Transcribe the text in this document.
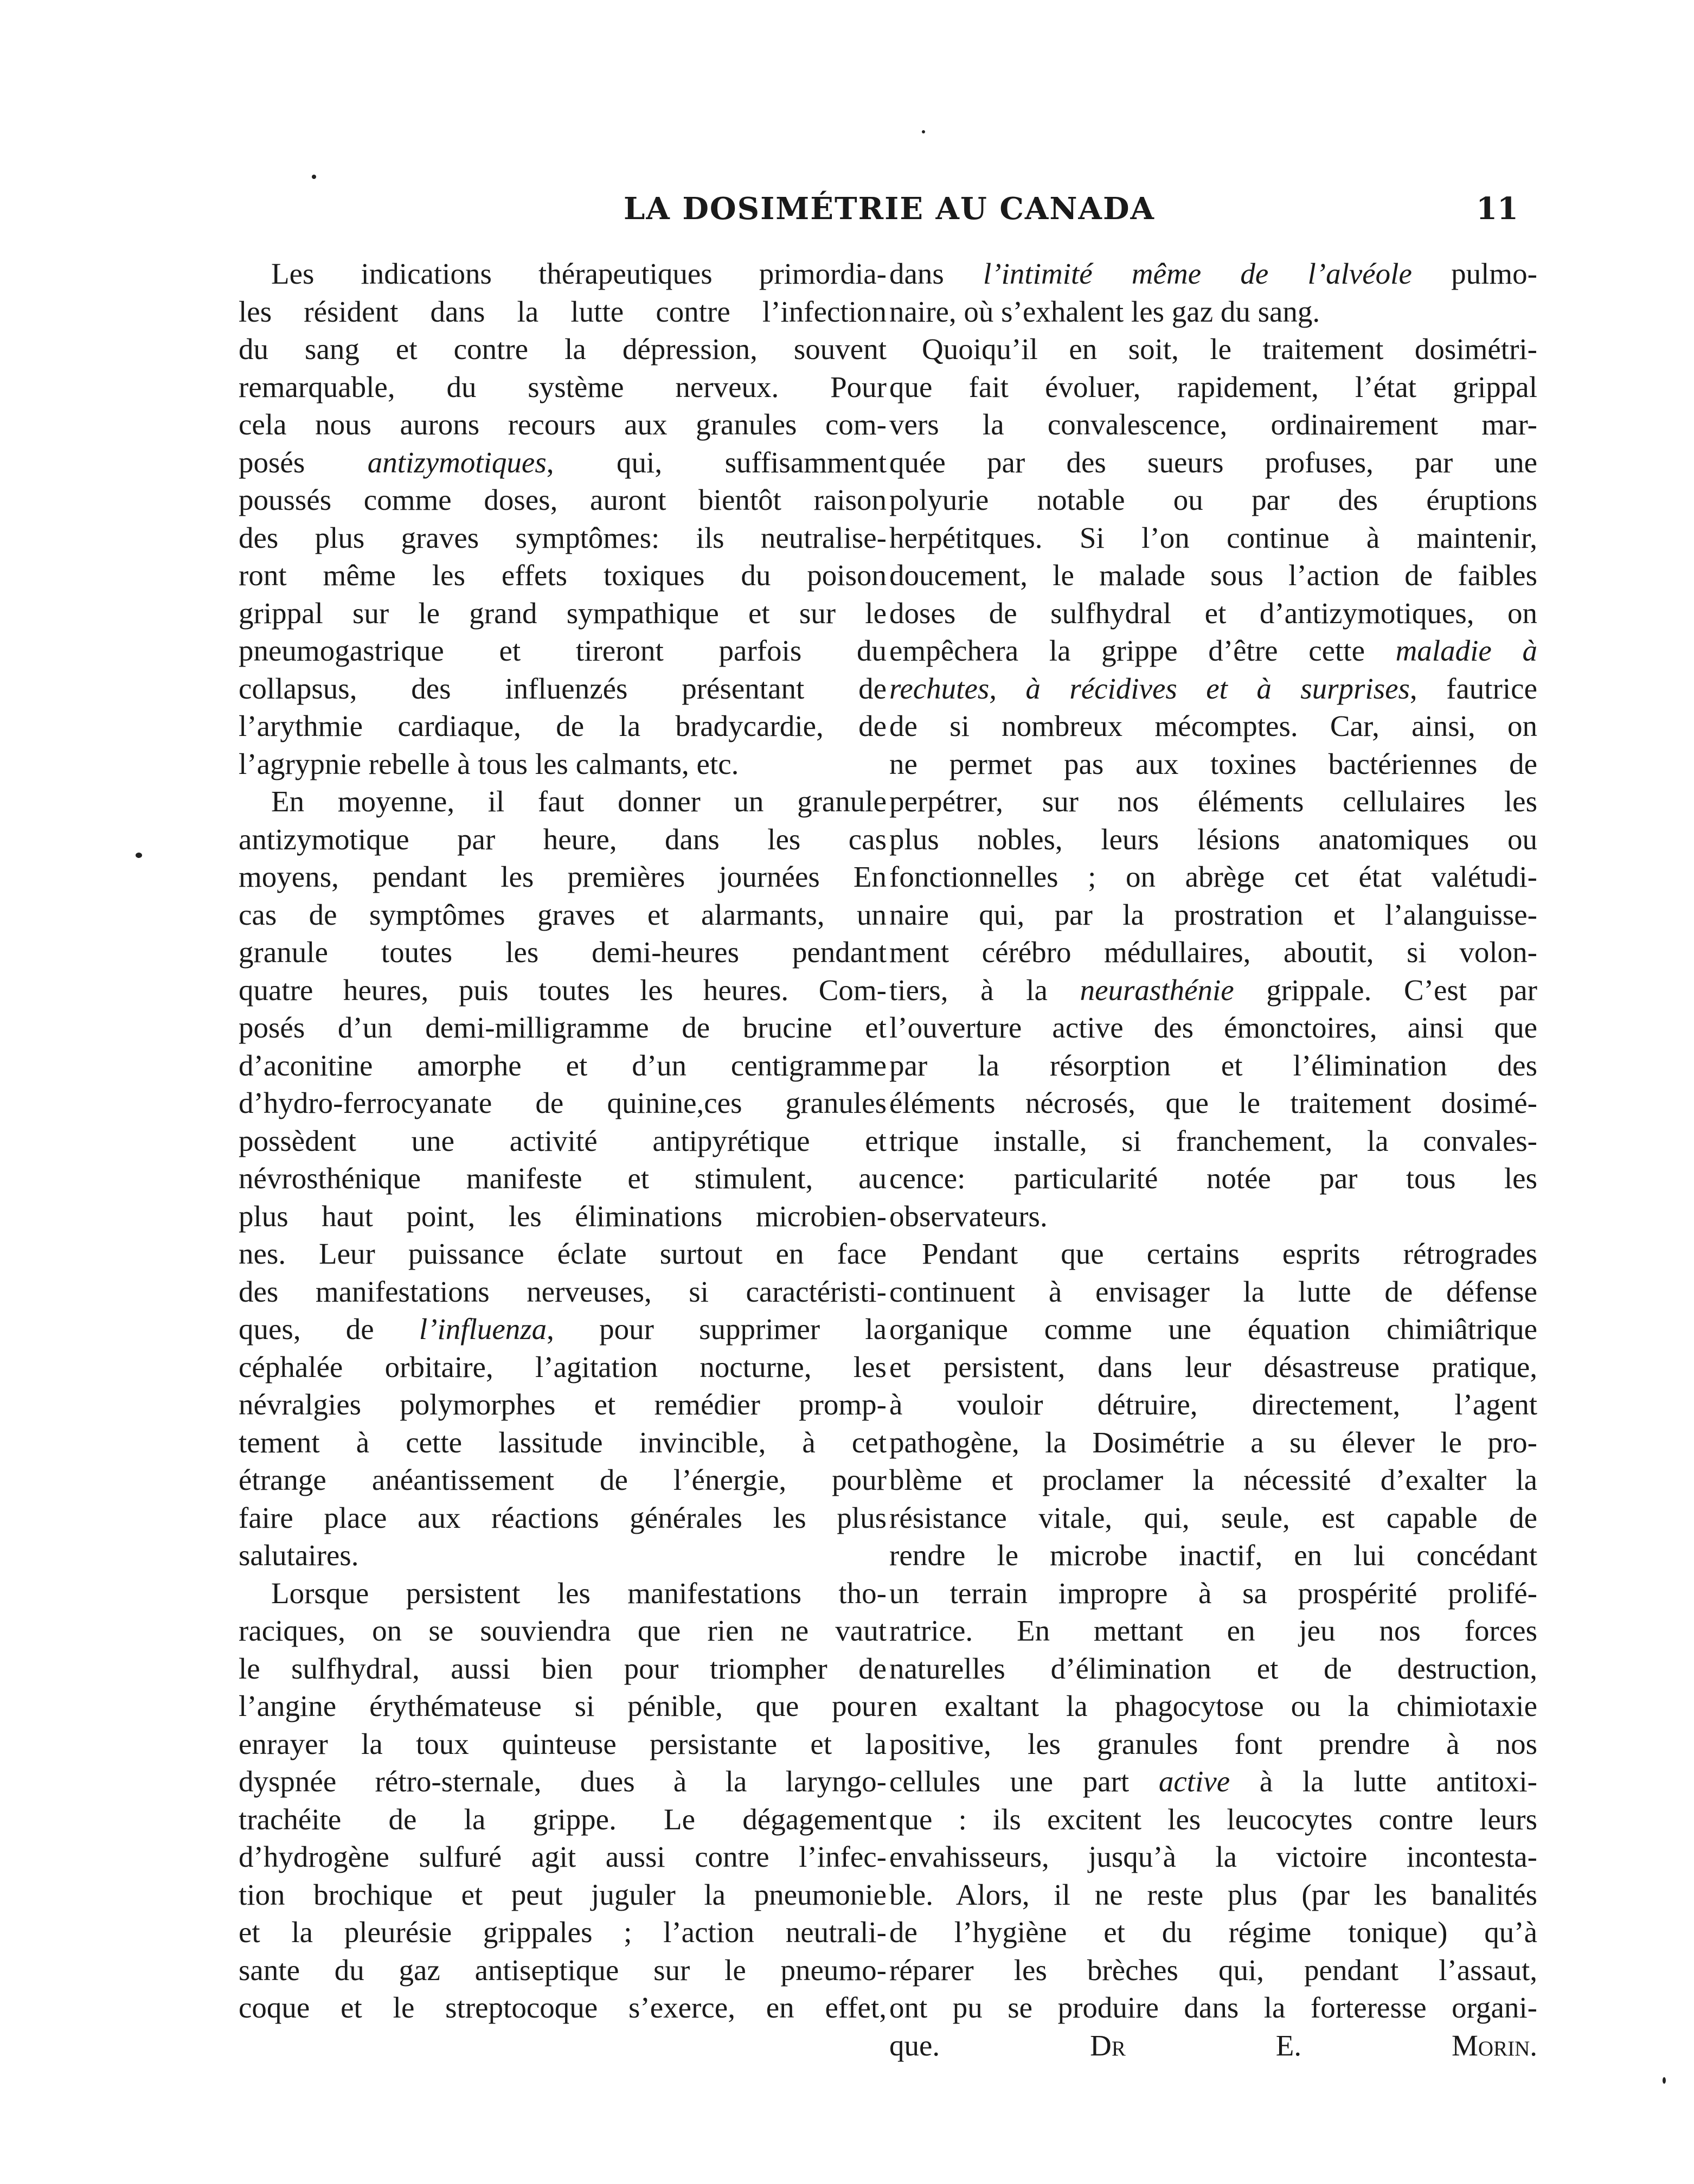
LA DOSIMÉTRIE AU CANADA	11
Les indications thérapeutiques primordia-
les résident dans la lutte contre l’infection
du sang et contre la dépression, souvent
remarquable, du système nerveux. Pour
cela nous aurons recours aux granules com-
posés antizymotiques, qui, suffisamment
poussés comme doses, auront bientôt raison
des plus graves symptômes: ils neutralise-
ront même les effets toxiques du poison
grippal sur le grand sympathique et sur le
pneumogastrique et tireront parfois du
collapsus, des influenzés présentant de
l’arythmie cardiaque, de la bradycardie, de
l’agrypnie rebelle à tous les calmants, etc.
En moyenne, il faut donner un granule
antizymotique par heure, dans les cas
moyens, pendant les premières journées En
cas de symptômes graves et alarmants, un
granule toutes les demi-heures pendant
quatre heures, puis toutes les heures. Com-
posés d’un demi-milligramme de brucine et
d’aconitine amorphe et d’un centigramme
d’hydro-ferrocyanate de quinine,ces granules
possèdent une activité antipyrétique et
névrosthénique manifeste et stimulent, au
plus haut point, les éliminations microbien-
nes. Leur puissance éclate surtout en face
des manifestations nerveuses, si caractéristi-
ques, de l’influenza, pour supprimer la
céphalée orbitaire, l’agitation nocturne, les
névralgies polymorphes et remédier promp-
tement à cette lassitude invincible, à cet
étrange anéantissement de l’énergie, pour
faire place aux réactions générales les plus
salutaires.
Lorsque persistent les manifestations tho-
raciques, on se souviendra que rien ne vaut
le sulfhydral, aussi bien pour triompher de
l’angine érythémateuse si pénible, que pour
enrayer la toux quinteuse persistante et la
dyspnée rétro-sternale, dues à la laryngo-
trachéite de la grippe. Le dégagement
d’hydrogène sulfuré agit aussi contre l’infec-
tion brochique et peut juguler la pneumonie
et la pleurésie grippales ; l’action neutrali-
sante du gaz antiseptique sur le pneumo-
coque et le streptocoque s’exerce, en effet,
dans l’intimité même de l’alvéole pulmo-
naire, où s’exhalent les gaz du sang.
Quoiqu’il en soit, le traitement dosimétri-
que fait évoluer, rapidement, l’état grippal
vers la convalescence, ordinairement mar-
quée par des sueurs profuses, par une
polyurie notable ou par des éruptions
herpétitques. Si l’on continue à maintenir,
doucement, le malade sous l’action de faibles
doses de sulfhydral et d’antizymotiques, on
empêchera la grippe d’être cette maladie à
rechutes, à récidives et à surprises, fautrice
de si nombreux mécomptes. Car, ainsi, on
ne permet pas aux toxines bactériennes de
perpétrer, sur nos éléments cellulaires les
plus nobles, leurs lésions anatomiques ou
fonctionnelles ; on abrège cet état valétudi-
naire qui, par la prostration et l’alanguisse-
ment cérébro médullaires, aboutit, si volon-
tiers, à la neurasthénie grippale. C’est par
l’ouverture active des émonctoires, ainsi que
par la résorption et l’élimination des
éléments nécrosés, que le traitement dosimé-
trique installe, si franchement, la convales-
cence: particularité notée par tous les
observateurs.
Pendant que certains esprits rétrogrades
continuent à envisager la lutte de défense
organique comme une équation chimiâtrique
et persistent, dans leur désastreuse pratique,
à vouloir détruire, directement, l’agent
pathogène, la Dosimétrie a su élever le pro-
blème et proclamer la nécessité d’exalter la
résistance vitale, qui, seule, est capable de
rendre le microbe inactif, en lui concédant
un terrain impropre à sa prospérité prolifé-
ratrice. En mettant en jeu nos forces
naturelles d’élimination et de destruction,
en exaltant la phagocytose ou la chimiotaxie
positive, les granules font prendre à nos
cellules une part active à la lutte antitoxi-
que : ils excitent les leucocytes contre leurs
envahisseurs, jusqu’à la victoire incontesta-
ble. Alors, il ne reste plus (par les banalités
de l’hygiène et du régime tonique) qu’à
réparer les brèches qui, pendant l’assaut,
ont pu se produire dans la forteresse organi-
que.	Dr E. Morin.
